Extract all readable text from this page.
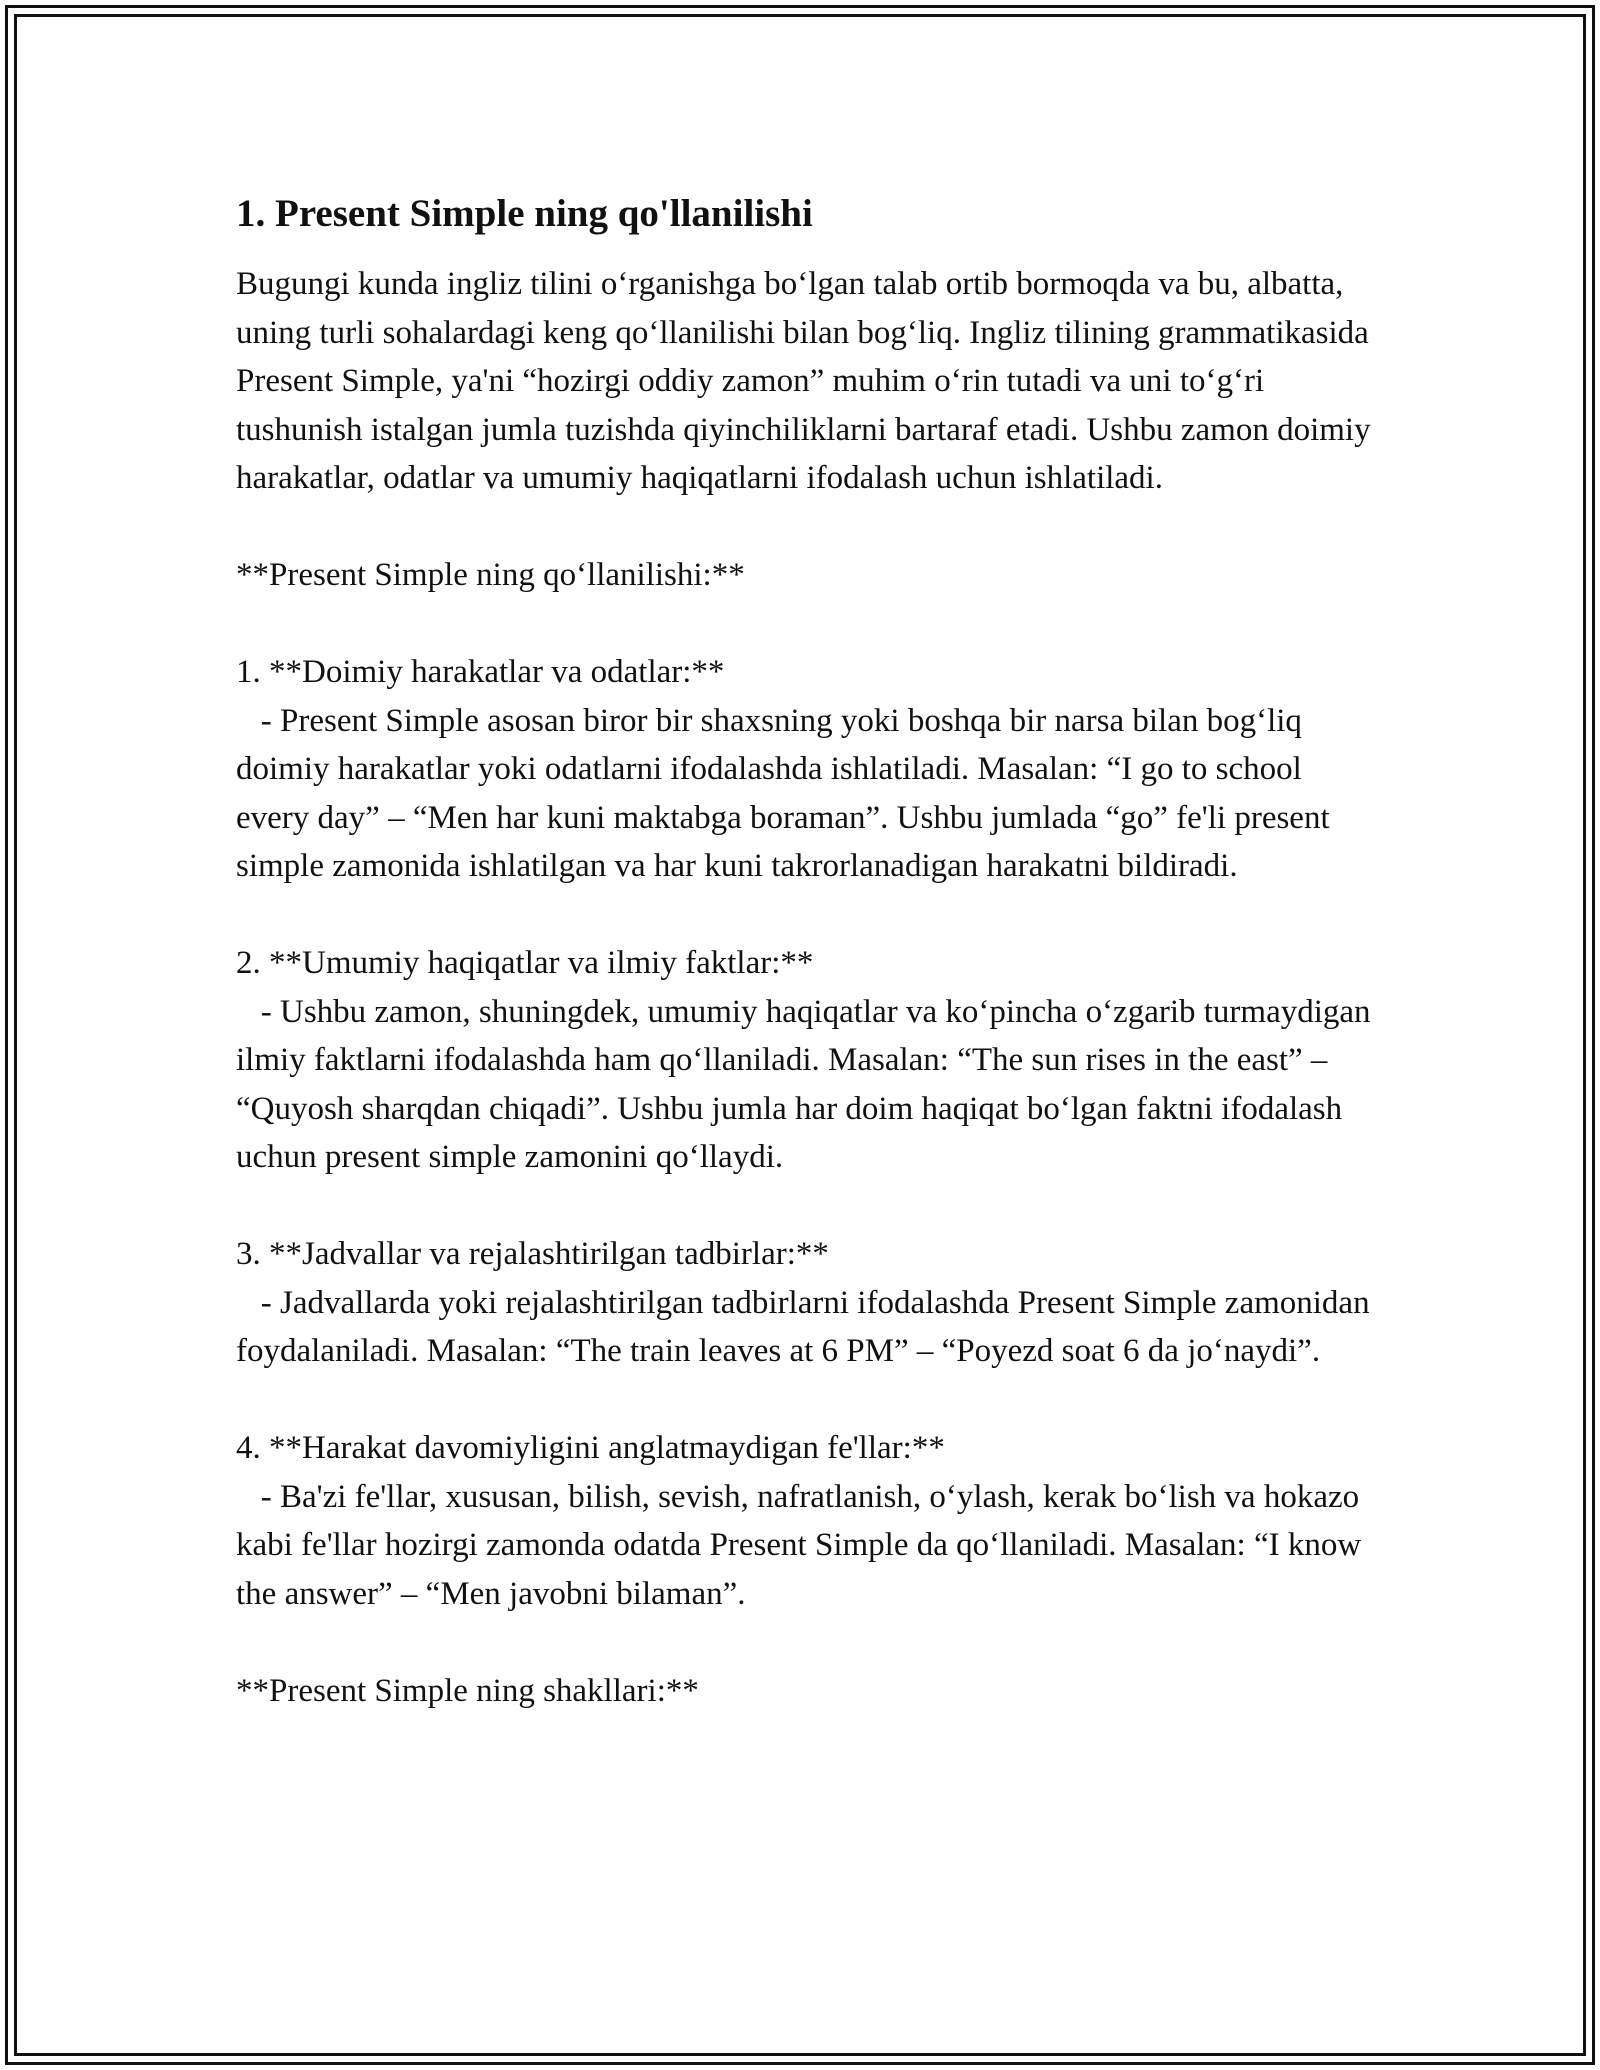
1. Present Simple ning qo'llanilishi

Bugungi kunda ingliz tilini o‘rganishga bo‘lgan talab ortib bormoqda va bu, albatta, uning turli sohalardagi keng qo‘llanilishi bilan bog‘liq. Ingliz tilining grammatikasida Present Simple, ya'ni “hozirgi oddiy zamon” muhim o‘rin tutadi va uni to‘g‘ri tushunish istalgan jumla tuzishda qiyinchiliklarni bartaraf etadi. Ushbu zamon doimiy harakatlar, odatlar va umumiy haqiqatlarni ifodalash uchun ishlatiladi.

**Present Simple ning qo‘llanilishi:**

1. **Doimiy harakatlar va odatlar:**

- Present Simple asosan biror bir shaxsning yoki boshqa bir narsa bilan bog‘liq doimiy harakatlar yoki odatlarni ifodalashda ishlatiladi. Masalan: “I go to school every day” – “Men har kuni maktabga boraman”. Ushbu jumlada “go” fe'li present simple zamonida ishlatilgan va har kuni takrorlanadigan harakatni bildiradi.

2. **Umumiy haqiqatlar va ilmiy faktlar:**

- Ushbu zamon, shuningdek, umumiy haqiqatlar va ko‘pincha o‘zgarib turmaydigan ilmiy faktlarni ifodalashda ham qo‘llaniladi. Masalan: “The sun rises in the east” – “Quyosh sharqdan chiqadi”. Ushbu jumla har doim haqiqat bo‘lgan faktni ifodalash uchun present simple zamonini qo‘llaydi.

3. **Jadvallar va rejalashtirilgan tadbirlar:**

- Jadvallarda yoki rejalashtirilgan tadbirlarni ifodalashda Present Simple zamonidan foydalaniladi. Masalan: “The train leaves at 6 PM” – “Poyezd soat 6 da jo‘naydi”.

4. **Harakat davomiyligini anglatmaydigan fe'llar:**

- Ba'zi fe'llar, xususan, bilish, sevish, nafratlanish, o‘ylash, kerak bo‘lish va hokazo kabi fe'llar hozirgi zamonda odatda Present Simple da qo‘llaniladi. Masalan: “I know the answer” – “Men javobni bilaman”.

**Present Simple ning shakllari:**
